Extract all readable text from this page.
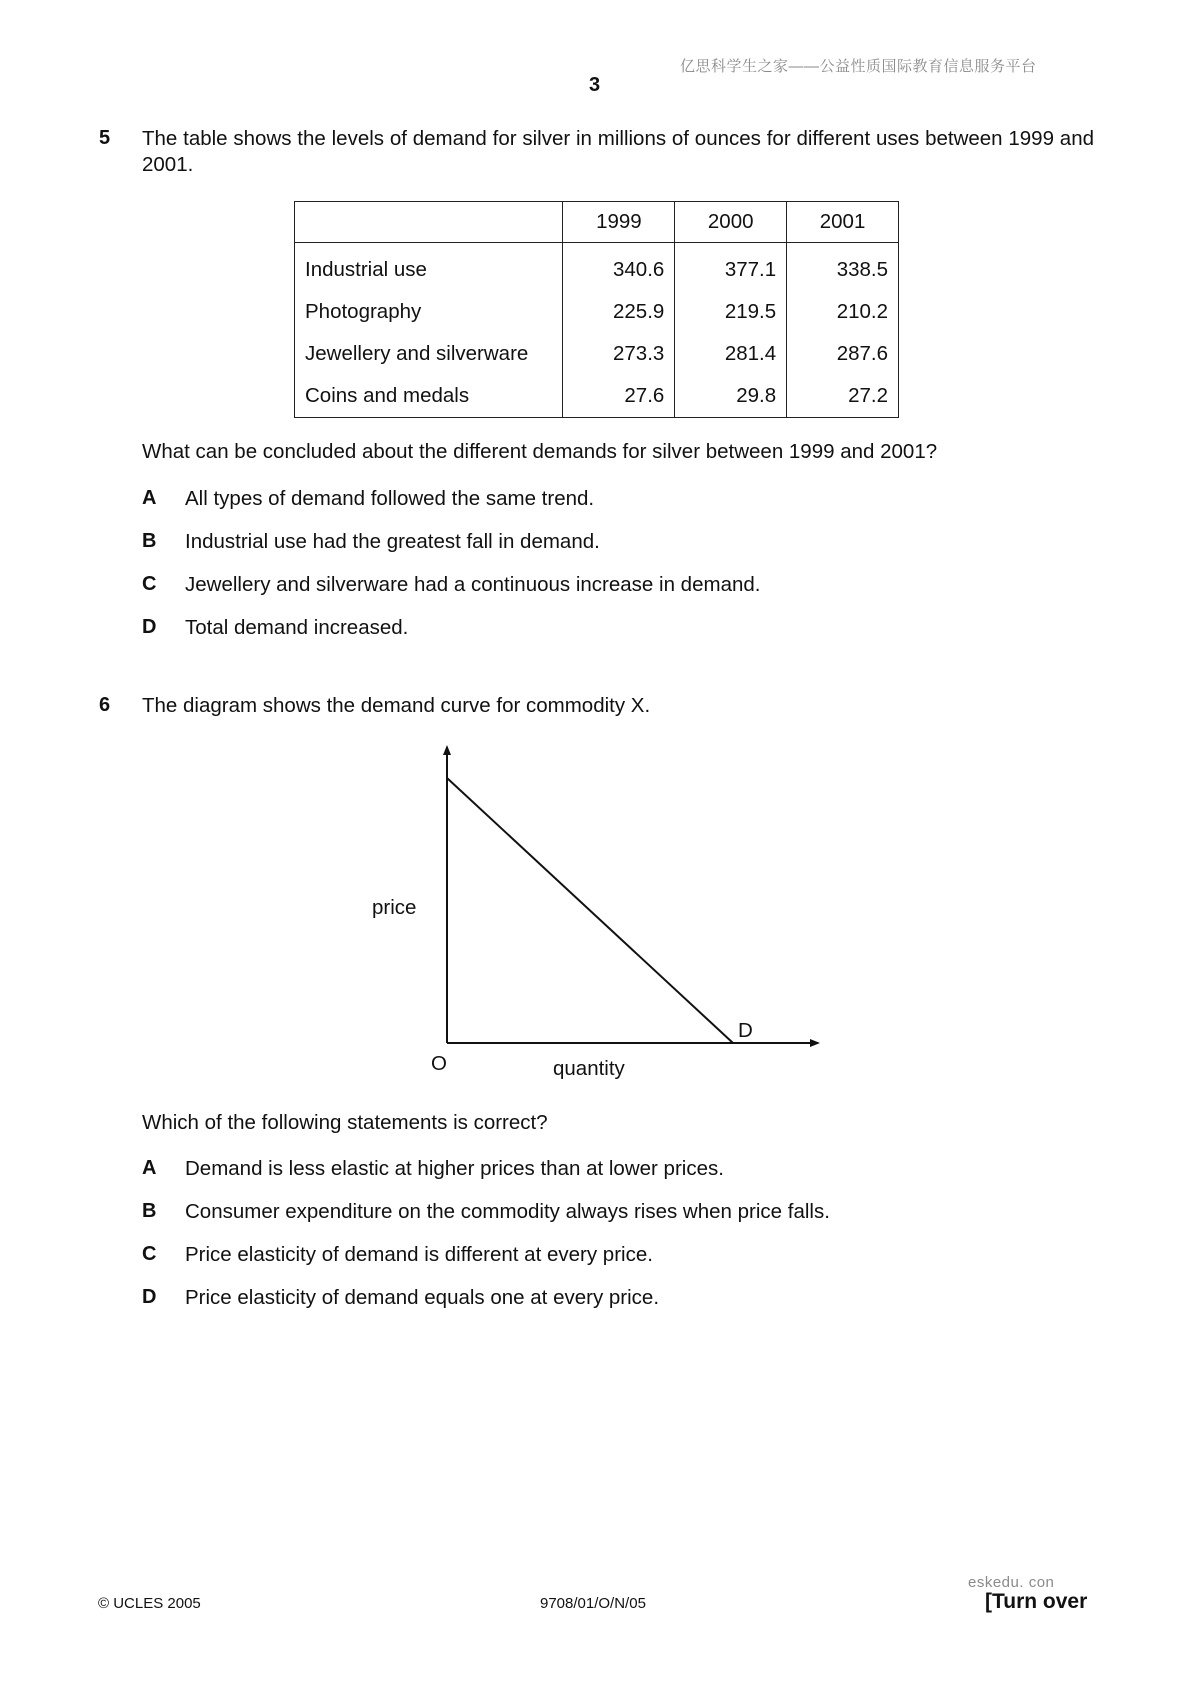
亿思科学生之家——公益性质国际教育信息服务平台
3
5 The table shows the levels of demand for silver in millions of ounces for different uses between 1999 and 2001.
	1999	2000	2001
Industrial use	340.6	377.1	338.5
Photography	225.9	219.5	210.2
Jewellery and silverware	273.3	281.4	287.6
Coins and medals	27.6	29.8	27.2
What can be concluded about the different demands for silver between 1999 and 2001?
A All types of demand followed the same trend.
B Industrial use had the greatest fall in demand.
C Jewellery and silverware had a continuous increase in demand.
D Total demand increased.
6 The diagram shows the demand curve for commodity X.
price
quantity
O
D
Which of the following statements is correct?
A Demand is less elastic at higher prices than at lower prices.
B Consumer expenditure on the commodity always rises when price falls.
C Price elasticity of demand is different at every price.
D Price elasticity of demand equals one at every price.
© UCLES 2005	9708/01/O/N/05
eskedu. con
[Turn over
